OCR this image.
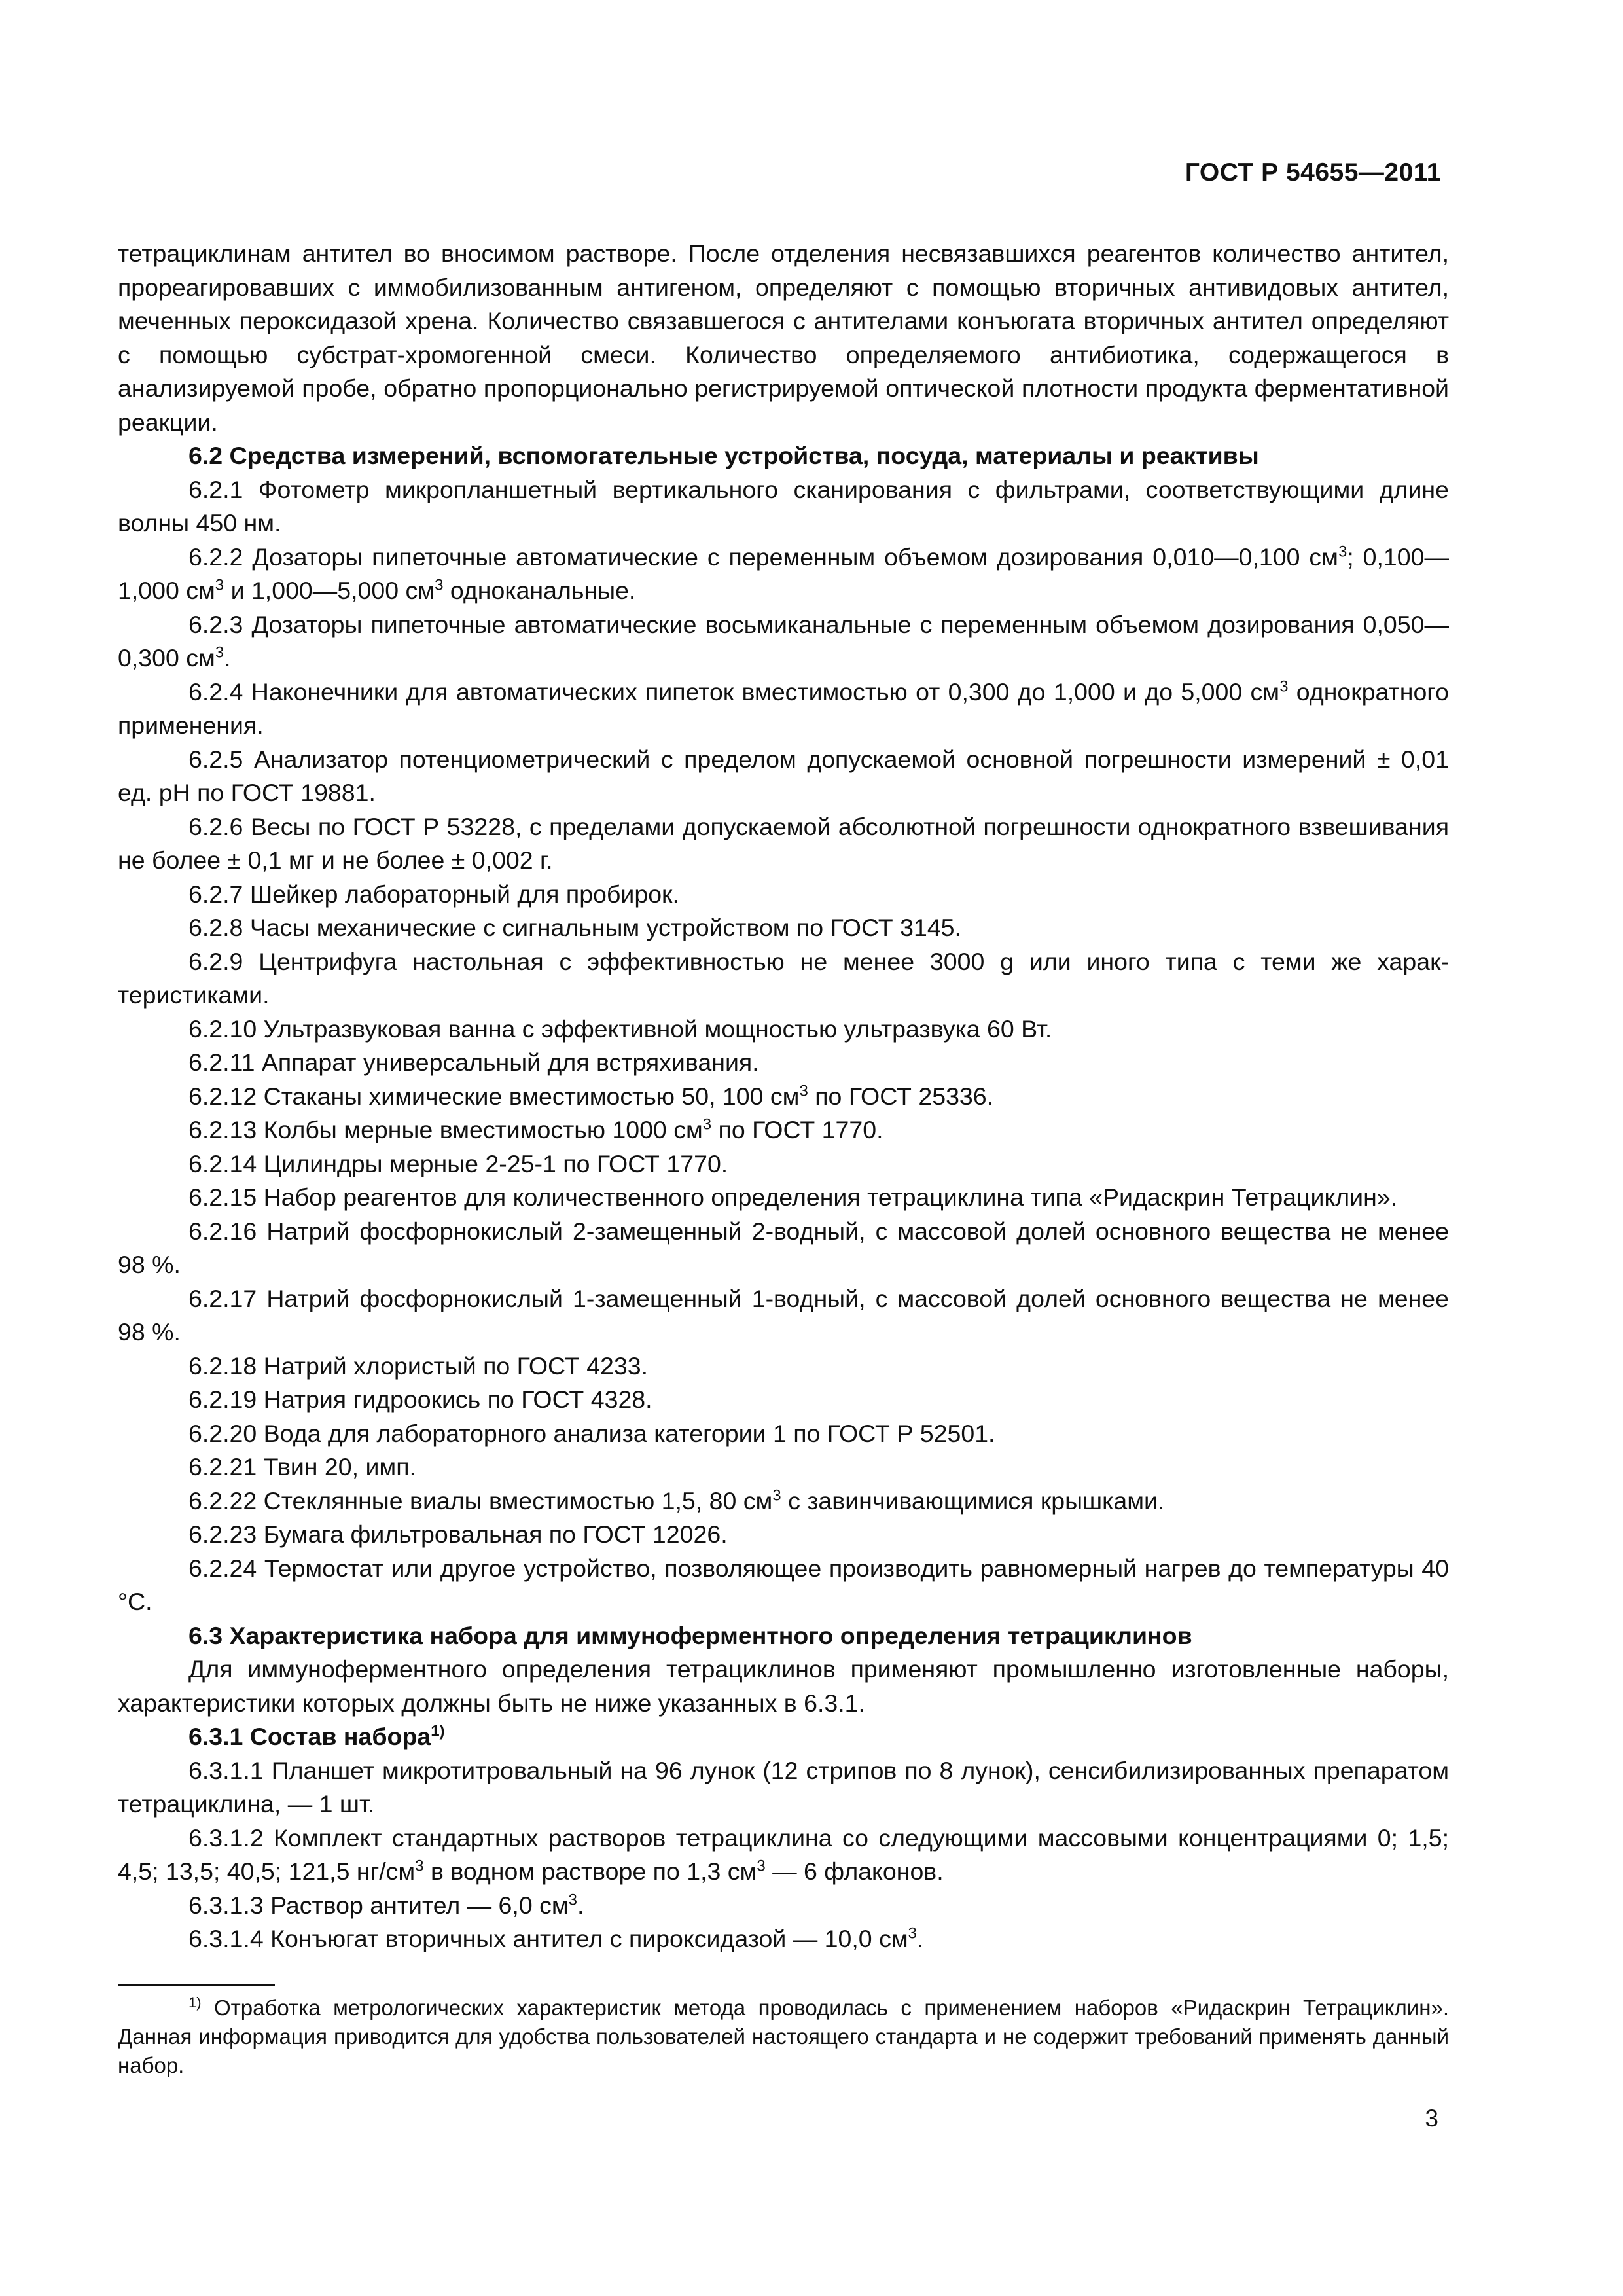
ГОСТ Р 54655—2011

тетрациклинам антител во вносимом растворе. После отделения несвязавшихся реагентов количество антител, прореагировавших с иммобилизованным антигеном, определяют с помощью вторичных антивидовых антител, меченных пероксидазой хрена. Количество связавшегося с антителами конъюгата вторичных антител определяют с помощью субстрат-хромогенной смеси. Количество определяемого антибиотика, содержащегося в анализируемой пробе, обратно пропорционально регистрируемой оптической плотности продукта ферментативной реакции.

6.2 Средства измерений, вспомогательные устройства, посуда, материалы и реактивы

6.2.1 Фотометр микропланшетный вертикального сканирования с фильтрами, соответствующими длине волны 450 нм.

6.2.2 Дозаторы пипеточные автоматические с переменным объемом дозирования 0,010—0,100 $см^3$; 0,100—1,000 $см^3$ и 1,000—5,000 $см^3$ одноканальные.

6.2.3 Дозаторы пипеточные автоматические восьмиканальные с переменным объемом дозирования 0,050—0,300 $см^3$.

6.2.4 Наконечники для автоматических пипеток вместимостью от 0,300 до 1,000 и до 5,000 $см^3$ однократного применения.

6.2.5 Анализатор потенциометрический с пределом допускаемой основной погрешности измерений ± 0,01 ед. pH по ГОСТ 19881.

6.2.6 Весы по ГОСТ Р 53228, с пределами допускаемой абсолютной погрешности однократного взвешивания не более ± 0,1 мг и не более ± 0,002 г.

6.2.7 Шейкер лабораторный для пробирок.

6.2.8 Часы механические с сигнальным устройством по ГОСТ 3145.

6.2.9 Центрифуга настольная с эффективностью не менее 3000 g или иного типа с теми же характеристиками.

6.2.10 Ультразвуковая ванна с эффективной мощностью ультразвука 60 Вт.

6.2.11 Аппарат универсальный для встряхивания.

6.2.12 Стаканы химические вместимостью 50, 100 $см^3$ по ГОСТ 25336.

6.2.13 Колбы мерные вместимостью 1000 $см^3$ по ГОСТ 1770.

6.2.14 Цилиндры мерные 2-25-1 по ГОСТ 1770.

6.2.15 Набор реагентов для количественного определения тетрациклина типа «Ридаскрин Тетрациклин».

6.2.16 Натрий фосфорнокислый 2-замещенный 2-водный, с массовой долей основного вещества не менее 98 %.

6.2.17 Натрий фосфорнокислый 1-замещенный 1-водный, с массовой долей основного вещества не менее 98 %.

6.2.18 Натрий хлористый по ГОСТ 4233.

6.2.19 Натрия гидроокись по ГОСТ 4328.

6.2.20 Вода для лабораторного анализа категории 1 по ГОСТ Р 52501.

6.2.21 Твин 20, имп.

6.2.22 Стеклянные виалы вместимостью 1,5, 80 $см^3$ с завинчивающимися крышками.

6.2.23 Бумага фильтровальная по ГОСТ 12026.

6.2.24 Термостат или другое устройство, позволяющее производить равномерный нагрев до температуры 40 °С.

6.3 Характеристика набора для иммуноферментного определения тетрациклинов

Для иммуноферментного определения тетрациклинов применяют промышленно изготовленные наборы, характеристики которых должны быть не ниже указанных в 6.3.1.

6.3.1 Состав набора$^{1)}$

6.3.1.1 Планшет микротитровальный на 96 лунок (12 стрипов по 8 лунок), сенсибилизированных препаратом тетрациклина, — 1 шт.

6.3.1.2 Комплект стандартных растворов тетрациклина со следующими массовыми концентрациями 0; 1,5; 4,5; 13,5; 40,5; 121,5 $нг/см^3$ в водном растворе по 1,3 $см^3$ — 6 флаконов.

6.3.1.3 Раствор антител — 6,0 $см^3$.

6.3.1.4 Конъюгат вторичных антител с пироксидазой — 10,0 $см^3$.

$^{1)}$ Отработка метрологических характеристик метода проводилась с применением наборов «Ридаскрин Тетрациклин». Данная информация приводится для удобства пользователей настоящего стандарта и не содержит требований применять данный набор.

3
